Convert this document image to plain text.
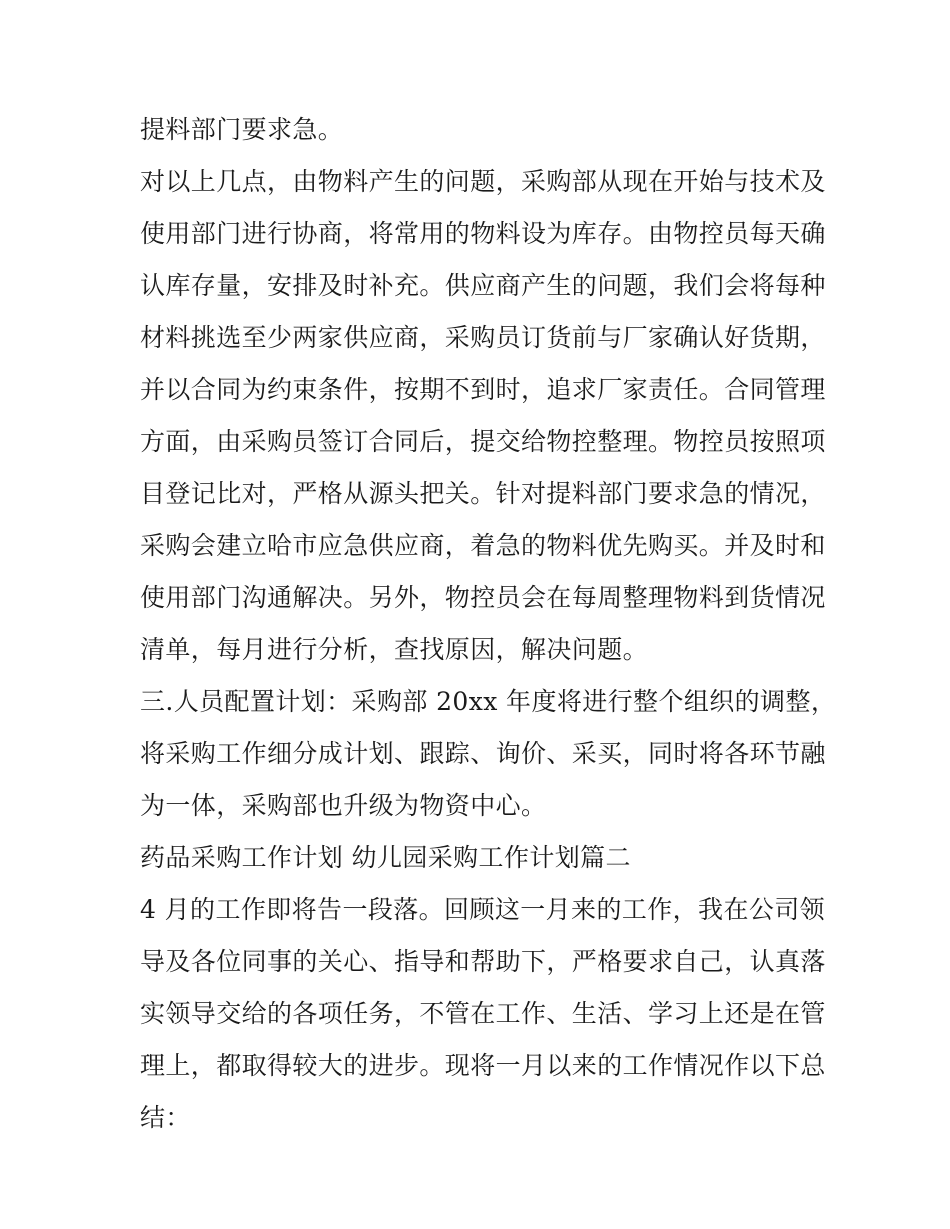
提料部门要求急。
对以上几点，由物料产生的问题，采购部从现在开始与技术及
使用部门进行协商，将常用的物料设为库存。由物控员每天确
认库存量，安排及时补充。供应商产生的问题，我们会将每种
材料挑选至少两家供应商，采购员订货前与厂家确认好货期，
并以合同为约束条件，按期不到时，追求厂家责任。合同管理
方面，由采购员签订合同后，提交给物控整理。物控员按照项
目登记比对，严格从源头把关。针对提料部门要求急的情况，
采购会建立哈市应急供应商，着急的物料优先购买。并及时和
使用部门沟通解决。另外，物控员会在每周整理物料到货情况
清单，每月进行分析，查找原因，解决问题。
三.人员配置计划：采购部 20xx 年度将进行整个组织的调整，
将采购工作细分成计划、跟踪、询价、采买，同时将各环节融
为一体，采购部也升级为物资中心。
药品采购工作计划 幼儿园采购工作计划篇二
4 月的工作即将告一段落。回顾这一月来的工作，我在公司领
导及各位同事的关心、指导和帮助下，严格要求自己，认真落
实领导交给的各项任务，不管在工作、生活、学习上还是在管
理上，都取得较大的进步。现将一月以来的工作情况作以下总
结：
